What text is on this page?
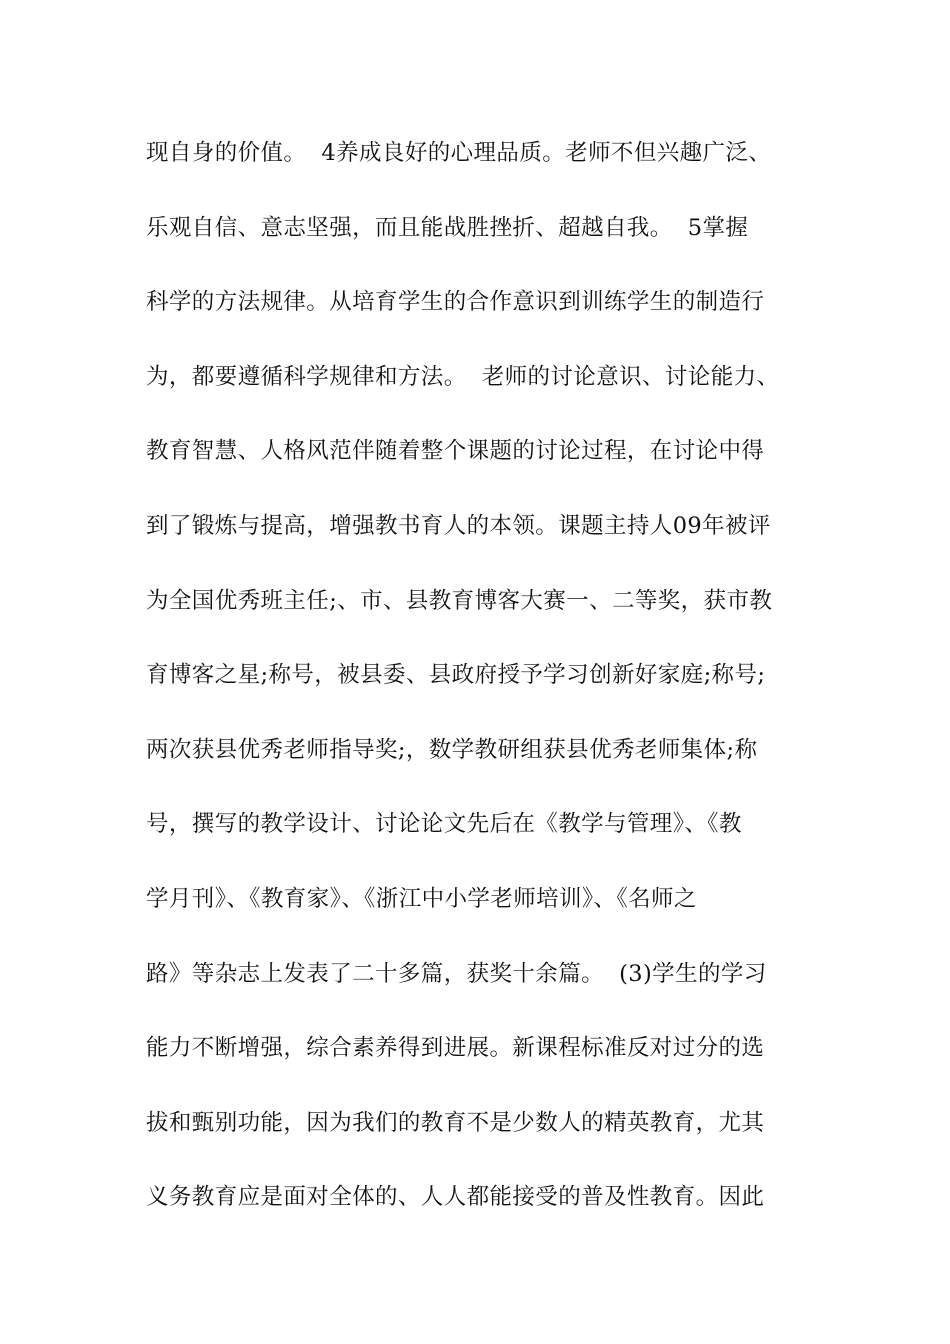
现自身的价值。  4养成良好的心理品质。老师不但兴趣广泛、
乐观自信、意志坚强，而且能战胜挫折、超越自我。  5掌握
科学的方法规律。从培育学生的合作意识到训练学生的制造行
为，都要遵循科学规律和方法。  老师的讨论意识、讨论能力、
教育智慧、人格风范伴随着整个课题的讨论过程，在讨论中得
到了锻炼与提高，增强教书育人的本领。课题主持人09年被评
为全国优秀班主任;、市、县教育博客大赛一、二等奖，获市教
育博客之星;称号，被县委、县政府授予学习创新好家庭;称号;
两次获县优秀老师指导奖;，数学教研组获县优秀老师集体;称
号，撰写的教学设计、讨论论文先后在《教学与管理》、《教
学月刊》、《教育家》、《浙江中小学老师培训》、《名师之
路》等杂志上发表了二十多篇，获奖十余篇。  (3)学生的学习
能力不断增强，综合素养得到进展。新课程标准反对过分的选
拔和甄别功能，因为我们的教育不是少数人的精英教育，尤其
义务教育应是面对全体的、人人都能接受的普及性教育。因此
